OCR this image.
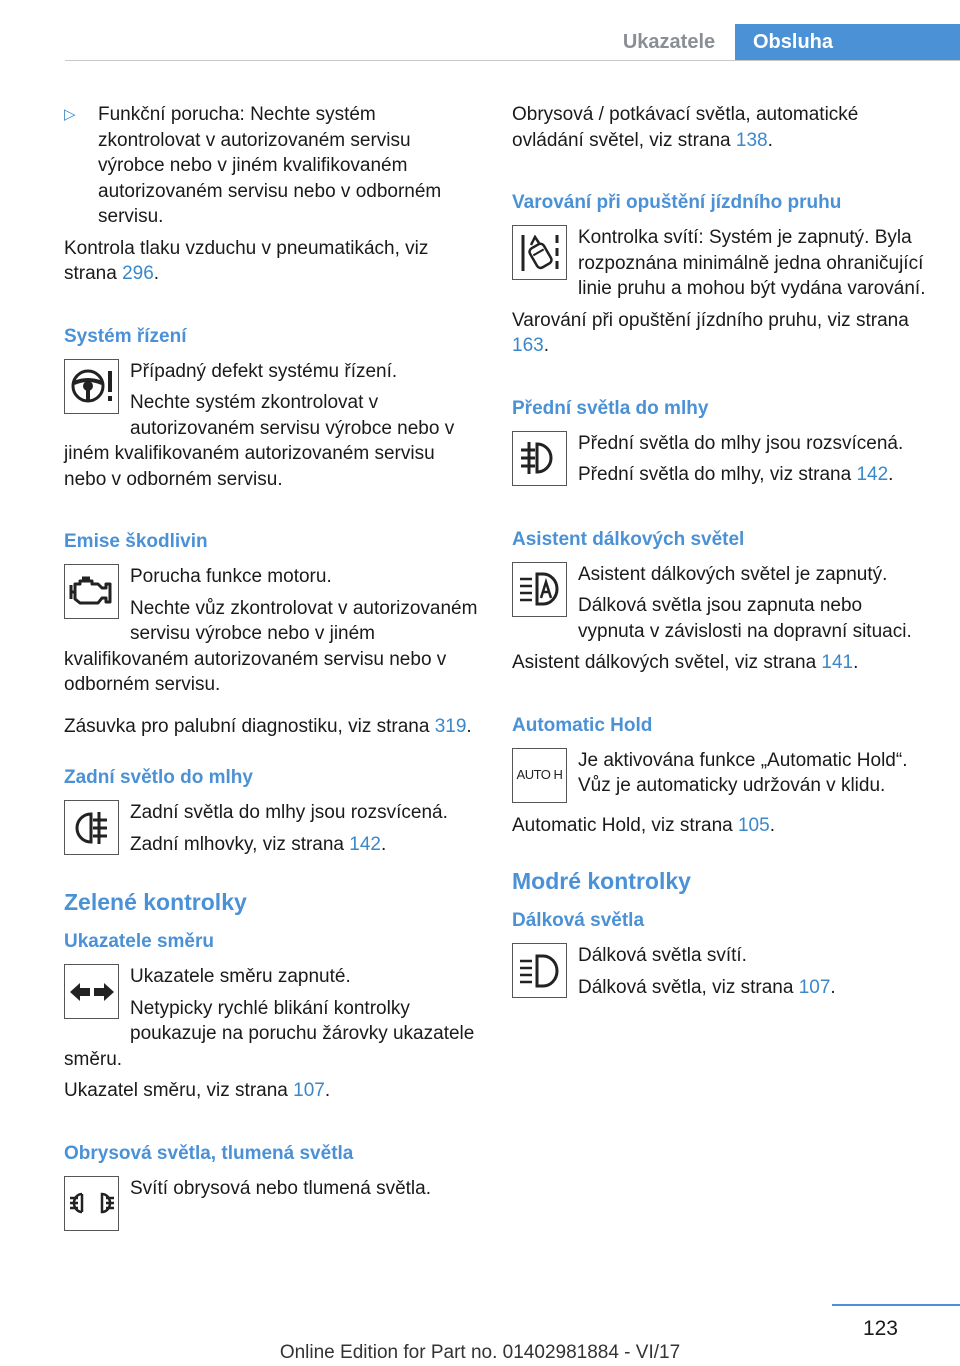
Ukazatele	Obsluha

▷ Funkční porucha: Nechte systém zkontrolovat v autorizovaném servisu výrobce nebo v jiném kvalifikovaném autorizovaném servisu nebo v odborném servisu.

Kontrola tlaku vzduchu v pneumatikách, viz strana 296.

Systém řízení

Případný defekt systému řízení.

Nechte systém zkontrolovat v autorizovaném servisu výrobce nebo v jiném kvalifikovaném autorizovaném servisu nebo v odborném servisu.

Emise škodlivin

Porucha funkce motoru.

Nechte vůz zkontrolovat v autorizovaném servisu výrobce nebo v jiném kvalifikovaném autorizovaném servisu nebo v odborném servisu.

Zásuvka pro palubní diagnostiku, viz strana 319.

Zadní světlo do mlhy

Zadní světla do mlhy jsou rozsvícená.

Zadní mlhovky, viz strana 142.

Zelené kontrolky
Ukazatele směru

Ukazatele směru zapnuté.

Netypicky rychlé blikání kontrolky poukazuje na poruchu žárovky ukazatele směru.

Ukazatel směru, viz strana 107.

Obrysová světla, tlumená světla

Svítí obrysová nebo tlumená světla.

Obrysová / potkávací světla, automatické ovládání světel, viz strana 138.

Varování při opuštění jízdního pruhu

Kontrolka svítí: Systém je zapnutý. Byla rozpoznána minimálně jedna ohraničující linie pruhu a mohou být vydána varování.

Varování při opuštění jízdního pruhu, viz strana 163.

Přední světla do mlhy

Přední světla do mlhy jsou rozsvícená.

Přední světla do mlhy, viz strana 142.

Asistent dálkových světel

Asistent dálkových světel je zapnutý.

Dálková světla jsou zapnuta nebo vypnuta v závislosti na dopravní situaci.

Asistent dálkových světel, viz strana 141.

Automatic Hold
AUTO H

Je aktivována funkce „Automatic Hold“. Vůz je automaticky udržován v klidu.

Automatic Hold, viz strana 105.

Modré kontrolky
Dálková světla

Dálková světla svítí.

Dálková světla, viz strana 107.

123
Online Edition for Part no. 01402981884 - VI/17
